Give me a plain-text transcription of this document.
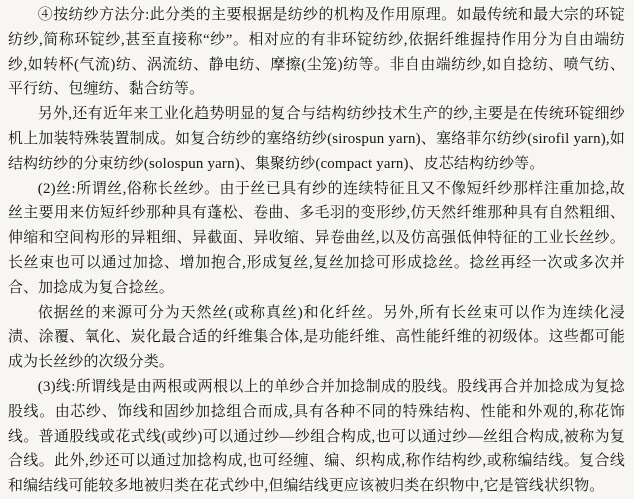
④按纺纱方法分:此分类的主要根据是纺纱的机构及作用原理。如最传统和最大宗的环锭纺纱,简称环锭纱,甚至直接称“纱”。相对应的有非环锭纺纱,依据纤维握持作用分为自由端纺纱,如转杯(气流)纺、涡流纺、静电纺、摩擦(尘笼)纺等。非自由端纺纱,如自捻纺、喷气纺、平行纺、包缠纺、黏合纺等。

另外,还有近年来工业化趋势明显的复合与结构纺纱技术生产的纱,主要是在传统环锭细纱机上加装特殊装置制成。如复合纺纱的塞络纺纱(sirospun yarn)、塞络菲尔纺纱(sirofil yarn),如结构纺纱的分束纺纱(solospun yarn)、集聚纺纱(compact yarn)、皮芯结构纺纱等。

(2)丝:所谓丝,俗称长丝纱。由于丝已具有纱的连续特征且又不像短纤纱那样注重加捻,故丝主要用来仿短纤纱那种具有蓬松、卷曲、多毛羽的变形纱,仿天然纤维那种具有自然粗细、伸缩和空间构形的异粗细、异截面、异收缩、异卷曲丝,以及仿高强低伸特征的工业长丝纱。长丝束也可以通过加捻、增加抱合,形成复丝,复丝加捻可形成捻丝。捻丝再经一次或多次并合、加捻成为复合捻丝。

依据丝的来源可分为天然丝(或称真丝)和化纤丝。另外,所有长丝束可以作为连续化浸渍、涂覆、氧化、炭化最合适的纤维集合体,是功能纤维、高性能纤维的初级体。这些都可能成为长丝纱的次级分类。

(3)线:所谓线是由两根或两根以上的单纱合并加捻制成的股线。股线再合并加捻成为复捻股线。由芯纱、饰线和固纱加捻组合而成,具有各种不同的特殊结构、性能和外观的,称花饰线。普通股线或花式线(或纱)可以通过纱—纱组合构成,也可以通过纱—丝组合构成,被称为复合线。此外,纱还可以通过加捻构成,也可经缠、编、织构成,称作结构纱,或称编结线。复合线和编结线可能较多地被归类在花式纱中,但编结线更应该被归类在织物中,它是管线状织物。
